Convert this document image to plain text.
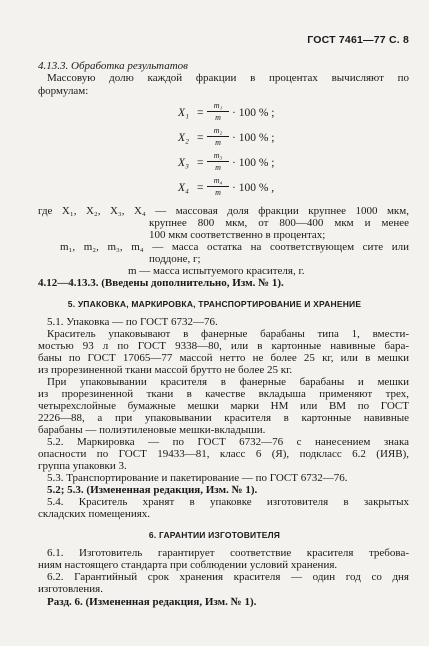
ГОСТ 7461—77 С. 8
4.13.3. Обработка результатов
Массовую долю каждой фракции в процентах вычисляют по
формулам:
$X_1 = \frac{\text{m₁}}{m} \cdot 100$ % ;
$X_2 = \frac{\text{m₂}}{m} \cdot 100$ % ;
$X_3 = \frac{\text{m₃}}{m} \cdot 100$ % ;
$X_4 = \frac{\text{m₄}}{m} \cdot 100$ % ,
где X₁, X₂, X₃, X₄ — массовая доля фракции крупнее 1000 мкм,
крупнее 800 мкм, от 800—400 мкм и менее
100 мкм соответственно в процентах;
m₁, m₂, m₃, m₄ — масса остатка на соответствующем сите или
поддоне, г;
m — масса испытуемого красителя, г.
4.12—4.13.3. (Введены дополнительно, Изм. № 1).
5. УПАКОВКА, МАРКИРОВКА, ТРАНСПОРТИРОВАНИЕ И ХРАНЕНИЕ
5.1. Упаковка — по ГОСТ 6732—76.
Краситель упаковывают в фанерные барабаны типа 1, вмести-
мостью 93 л по ГОСТ 9338—80, или в картонные навивные бара-
баны по ГОСТ 17065—77 массой нетто не более 25 кг, или в мешки
из прорезиненной ткани массой брутто не более 25 кг.
При упаковывании красителя в фанерные барабаны и мешки
из прорезиненной ткани в качестве вкладыша применяют трех,
четырехслойные бумажные мешки марки НМ или ВМ по ГОСТ
2226—88, а при упаковывании красителя в картонные навивные
барабаны — полиэтиленовые мешки-вкладыши.
5.2. Маркировка — по ГОСТ 6732—76 с нанесением знака
опасности по ГОСТ 19433—81, класс 6 (Я), подкласс 6.2 (ИЯВ),
группа упаковки 3.
5.3. Транспортирование и пакетирование — по ГОСТ 6732—76.
5.2; 5.3. (Измененная редакция, Изм. № 1).
5.4. Краситель хранят в упаковке изготовителя в закрытых
складских помещениях.
6. ГАРАНТИИ ИЗГОТОВИТЕЛЯ
6.1. Изготовитель гарантирует соответствие красителя требова-
ниям настоящего стандарта при соблюдении условий хранения.
6.2. Гарантийный срок хранения красителя — один год со дня
изготовления.
Разд. 6. (Измененная редакция, Изм. № 1).
